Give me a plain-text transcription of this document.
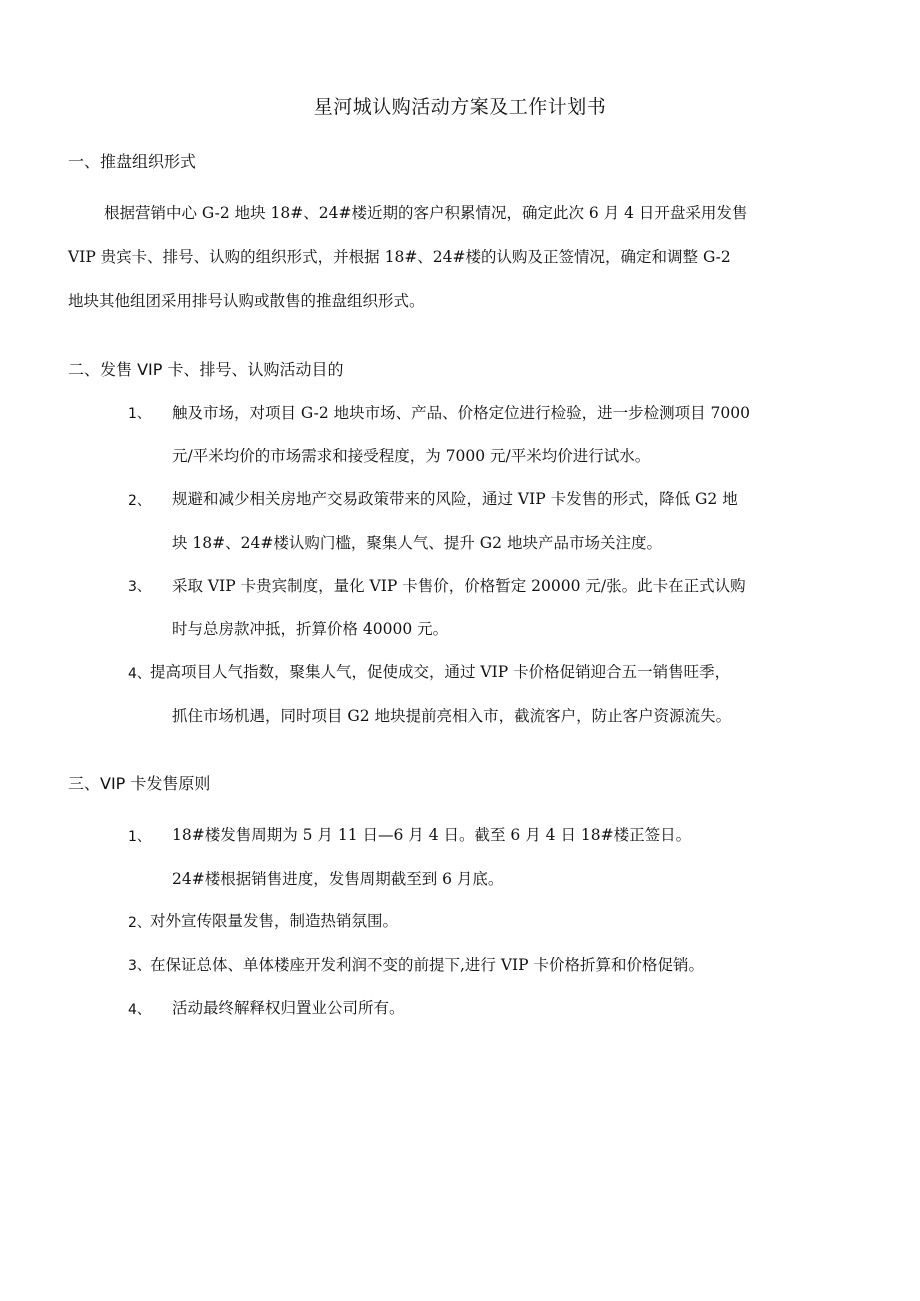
星河城认购活动方案及工作计划书
一、推盘组织形式
根据营销中心 G-2 地块 18#、24#楼近期的客户积累情况，确定此次 6 月 4 日开盘采用发售
VIP 贵宾卡、排号、认购的组织形式，并根据 18#、24#楼的认购及正签情况，确定和调整 G-2
地块其他组团采用排号认购或散售的推盘组织形式。
二、发售 VIP 卡、排号、认购活动目的
1、 触及市场，对项目 G-2 地块市场、产品、价格定位进行检验，进一步检测项目 7000
元/平米均价的市场需求和接受程度，为 7000 元/平米均价进行试水。
2、 规避和减少相关房地产交易政策带来的风险，通过 VIP 卡发售的形式，降低 G2 地
块 18#、24#楼认购门槛，聚集人气、提升 G2 地块产品市场关注度。
3、 采取 VIP 卡贵宾制度，量化 VIP 卡售价，价格暂定 20000 元/张。此卡在正式认购
时与总房款冲抵，折算价格 40000 元。
4、 提高项目人气指数，聚集人气，促使成交，通过 VIP 卡价格促销迎合五一销售旺季，
抓住市场机遇，同时项目 G2 地块提前亮相入市，截流客户，防止客户资源流失。
三、VIP 卡发售原则
1、 18#楼发售周期为 5 月 11 日—6 月 4 日。截至 6 月 4 日 18#楼正签日。
24#楼根据销售进度，发售周期截至到 6 月底。
2、 对外宣传限量发售，制造热销氛围。
3、 在保证总体、单体楼座开发利润不变的前提下,进行 VIP 卡价格折算和价格促销。
4、 活动最终解释权归置业公司所有。
